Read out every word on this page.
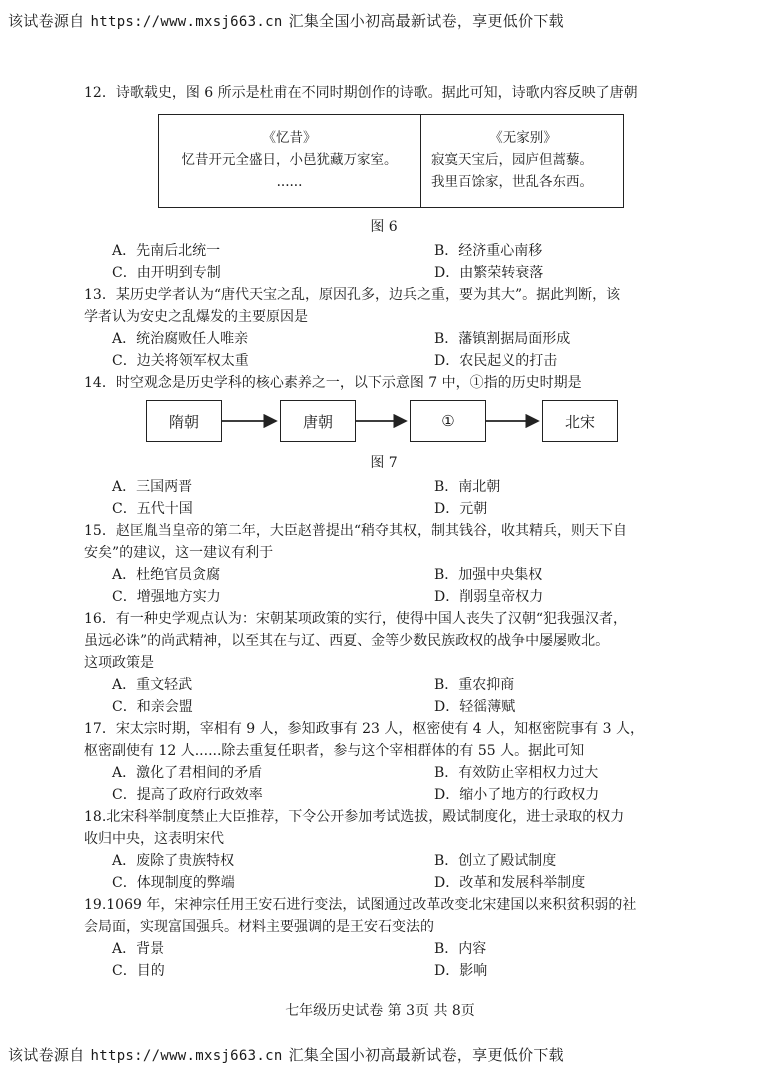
该试卷源自 https://www.mxsj663.cn 汇集全国小初高最新试卷，享更低价下载
12．诗歌载史，图 6 所示是杜甫在不同时期创作的诗歌。据此可知，诗歌内容反映了唐朝
《忆昔》
忆昔开元全盛日，小邑犹藏万家室。
......
《无家别》
寂寞天宝后，园庐但蒿藜。
我里百馀家，世乱各东西。
图 6
A．先南后北统一	B．经济重心南移
C．由开明到专制	D．由繁荣转衰落
13．某历史学者认为“唐代天宝之乱，原因孔多，边兵之重，要为其大”。据此判断，该
学者认为安史之乱爆发的主要原因是
A．统治腐败任人唯亲	B．藩镇割据局面形成
C．边关将领军权太重	D．农民起义的打击
14．时空观念是历史学科的核心素养之一，以下示意图 7 中，①指的历史时期是
隋朝	唐朝	①	北宋
图 7
A．三国两晋	B．南北朝
C．五代十国	D．元朝
15．赵匡胤当皇帝的第二年，大臣赵普提出“稍夺其权，制其钱谷，收其精兵，则天下自
安矣”的建议，这一建议有利于
A．杜绝官员贪腐	B．加强中央集权
C．增强地方实力	D．削弱皇帝权力
16．有一种史学观点认为：宋朝某项政策的实行，使得中国人丧失了汉朝“犯我强汉者，
虽远必诛”的尚武精神，以至其在与辽、西夏、金等少数民族政权的战争中屡屡败北。
这项政策是
A．重文轻武	B．重农抑商
C．和亲会盟	D．轻徭薄赋
17．宋太宗时期，宰相有 9 人，参知政事有 23 人，枢密使有 4 人，知枢密院事有 3 人，
枢密副使有 12 人......除去重复任职者，参与这个宰相群体的有 55 人。据此可知
A．激化了君相间的矛盾	B．有效防止宰相权力过大
C．提高了政府行政效率	D．缩小了地方的行政权力
18.北宋科举制度禁止大臣推荐，下令公开参加考试选拔，殿试制度化，进士录取的权力
收归中央，这表明宋代
A．废除了贵族特权	B．创立了殿试制度
C．体现制度的弊端	D．改革和发展科举制度
19.1069 年，宋神宗任用王安石进行变法，试图通过改革改变北宋建国以来积贫积弱的社
会局面，实现富国强兵。材料主要强调的是王安石变法的
A．背景	B．内容
C．目的	D．影响
七年级历史试卷 第 3页 共 8页
该试卷源自 https://www.mxsj663.cn 汇集全国小初高最新试卷，享更低价下载
